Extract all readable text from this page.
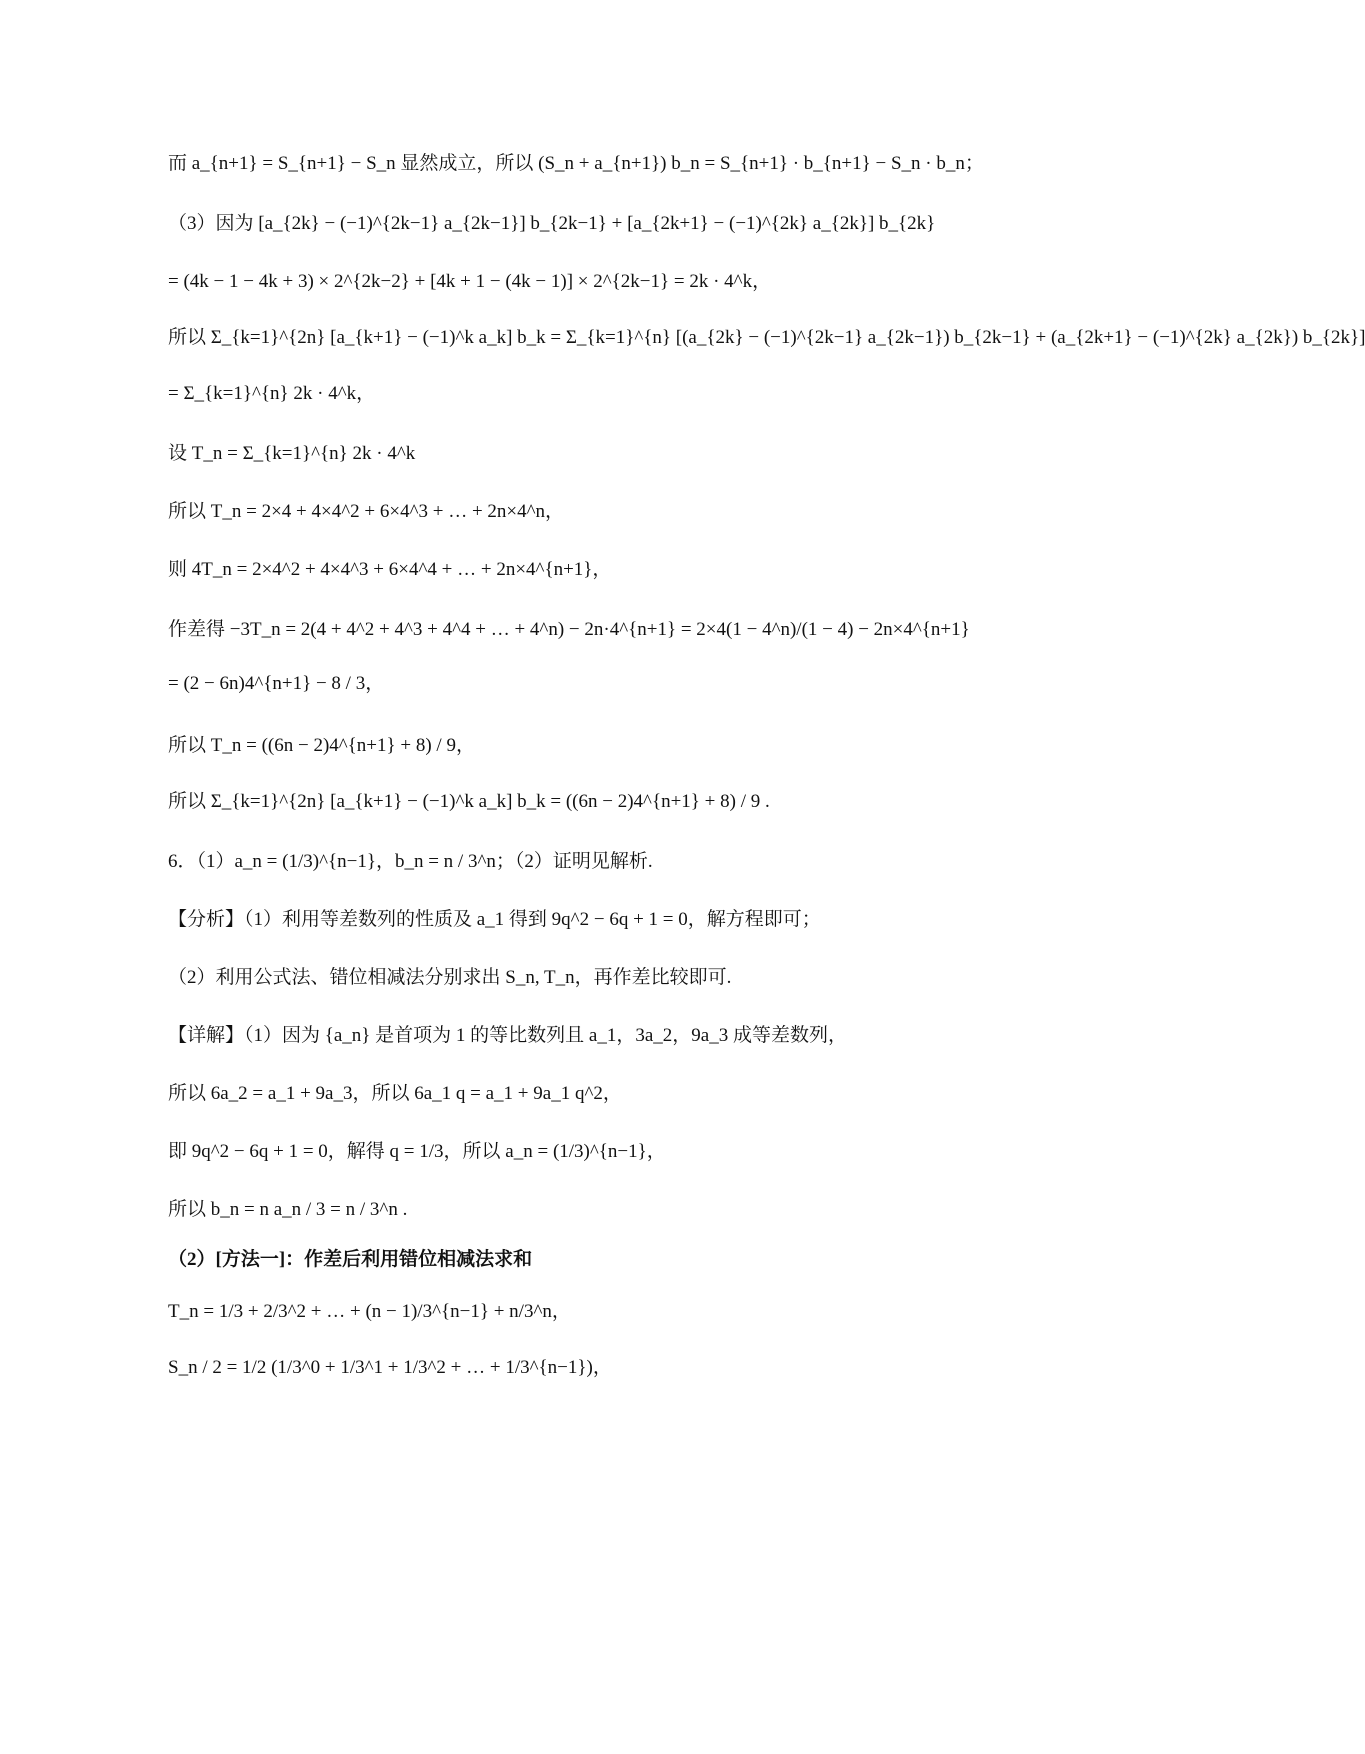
而 a_{n+1} = S_{n+1} − S_n 显然成立，所以 (S_n + a_{n+1}) b_n = S_{n+1} · b_{n+1} − S_n · b_n；
（3）因为 [a_{2k} − (−1)^{2k−1} a_{2k−1}] b_{2k−1} + [a_{2k+1} − (−1)^{2k} a_{2k}] b_{2k}
= (4k − 1 − 4k + 3) × 2^{2k−2} + [4k + 1 − (4k − 1)] × 2^{2k−1} = 2k · 4^k，
所以 Σ_{k=1}^{2n} [a_{k+1} − (−1)^k a_k] b_k = Σ_{k=1}^{n} [(a_{2k} − (−1)^{2k−1} a_{2k−1}) b_{2k−1} + (a_{2k+1} − (−1)^{2k} a_{2k}) b_{2k}]
= Σ_{k=1}^{n} 2k · 4^k，
设 T_n = Σ_{k=1}^{n} 2k · 4^k
所以 T_n = 2×4 + 4×4^2 + 6×4^3 + … + 2n×4^n，
则 4T_n = 2×4^2 + 4×4^3 + 6×4^4 + … + 2n×4^{n+1}，
作差得 −3T_n = 2(4 + 4^2 + 4^3 + 4^4 + … + 4^n) − 2n·4^{n+1} = 2×4(1 − 4^n)/(1 − 4) − 2n×4^{n+1}
= (2 − 6n)4^{n+1} − 8 / 3，
所以 T_n = ((6n − 2)4^{n+1} + 8) / 9，
所以 Σ_{k=1}^{2n} [a_{k+1} − (−1)^k a_k] b_k = ((6n − 2)4^{n+1} + 8) / 9 .
6．（1）a_n = (1/3)^{n−1}，b_n = n / 3^n；（2）证明见解析.
【分析】（1）利用等差数列的性质及 a_1 得到 9q^2 − 6q + 1 = 0，解方程即可；
（2）利用公式法、错位相减法分别求出 S_n, T_n，再作差比较即可.
【详解】（1）因为 {a_n} 是首项为 1 的等比数列且 a_1，3a_2，9a_3 成等差数列，
所以 6a_2 = a_1 + 9a_3，所以 6a_1 q = a_1 + 9a_1 q^2，
即 9q^2 − 6q + 1 = 0，解得 q = 1/3，所以 a_n = (1/3)^{n−1}，
所以 b_n = n a_n / 3 = n / 3^n .
（2）[方法一]：作差后利用错位相减法求和
T_n = 1/3 + 2/3^2 + … + (n − 1)/3^{n−1} + n/3^n，
S_n / 2 = 1/2 (1/3^0 + 1/3^1 + 1/3^2 + … + 1/3^{n−1})，
